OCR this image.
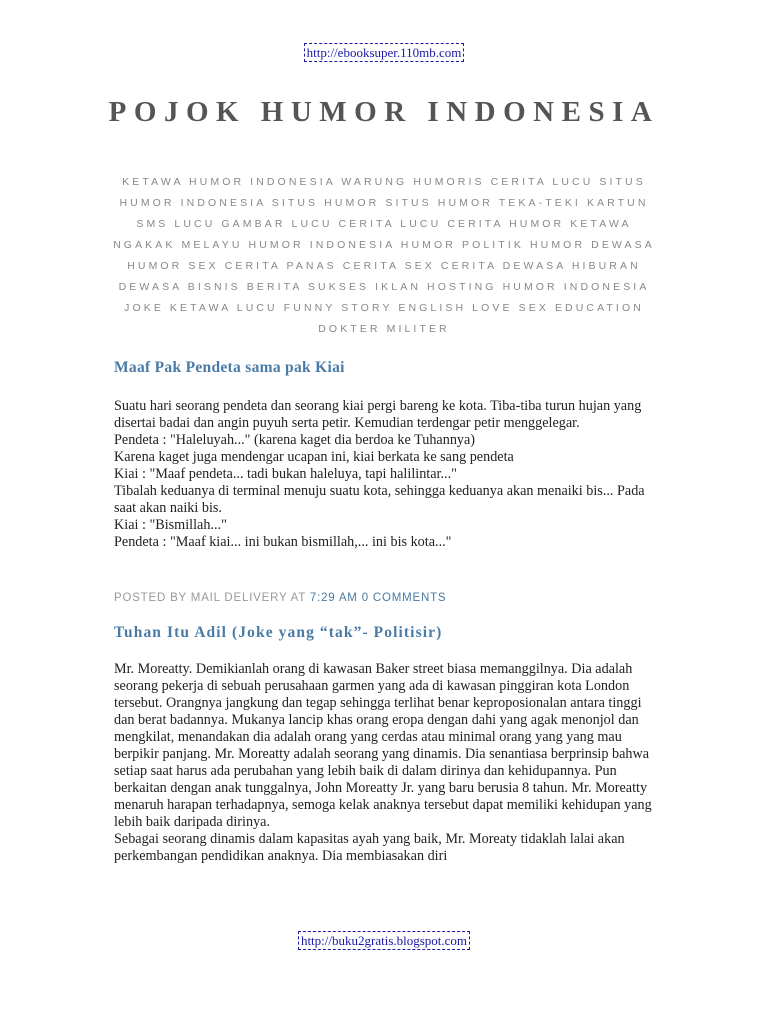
http://ebooksuper.110mb.com
POJOK HUMOR INDONESIA
KETAWA HUMOR INDONESIA WARUNG HUMORIS CERITA LUCU SITUS HUMOR INDONESIA SITUS HUMOR SITUS HUMOR TEKA-TEKI KARTUN SMS LUCU GAMBAR LUCU CERITA LUCU CERITA HUMOR KETAWA NGAKAK MELAYU HUMOR INDONESIA HUMOR POLITIK HUMOR DEWASA HUMOR SEX CERITA PANAS CERITA SEX CERITA DEWASA HIBURAN DEWASA BISNIS BERITA SUKSES IKLAN HOSTING HUMOR INDONESIA JOKE KETAWA LUCU FUNNY STORY ENGLISH LOVE SEX EDUCATION DOKTER MILITER
Maaf Pak Pendeta sama pak Kiai

Suatu hari seorang pendeta dan seorang kiai pergi bareng ke kota. Tiba-tiba turun hujan yang disertai badai dan angin puyuh serta petir. Kemudian terdengar petir menggelegar.

Pendeta : "Haleluyah..." (karena kaget dia berdoa ke Tuhannya)

Karena kaget juga mendengar ucapan ini, kiai berkata ke sang pendeta

Kiai : "Maaf pendeta... tadi bukan haleluya, tapi halilintar..."

Tibalah keduanya di terminal menuju suatu kota, sehingga keduanya akan menaiki bis... Pada saat akan naiki bis.

Kiai : "Bismillah..."

Pendeta : "Maaf kiai... ini bukan bismillah,... ini bis kota..."

POSTED BY MAIL DELIVERY AT 7:29 AM 0 COMMENTS
Tuhan Itu Adil (Joke yang “tak”- Politisir)

Mr. Moreatty. Demikianlah orang di kawasan Baker street biasa memanggilnya. Dia adalah seorang pekerja di sebuah perusahaan garmen yang ada di kawasan pinggiran kota London tersebut. Orangnya jangkung dan tegap sehingga terlihat benar keproposionalan antara tinggi dan berat badannya. Mukanya lancip khas orang eropa dengan dahi yang agak menonjol dan mengkilat, menandakan dia adalah orang yang cerdas atau minimal orang yang yang mau berpikir panjang. Mr. Moreatty adalah seorang yang dinamis. Dia senantiasa berprinsip bahwa setiap saat harus ada perubahan yang lebih baik di dalam dirinya dan kehidupannya. Pun berkaitan dengan anak tunggalnya, John Moreatty Jr. yang baru berusia 8 tahun. Mr. Moreatty menaruh harapan terhadapnya, semoga kelak anaknya tersebut dapat memiliki kehidupan yang lebih baik daripada dirinya.

Sebagai seorang dinamis dalam kapasitas ayah yang baik, Mr. Moreaty tidaklah lalai akan perkembangan pendidikan anaknya. Dia membiasakan diri

http://buku2gratis.blogspot.com
